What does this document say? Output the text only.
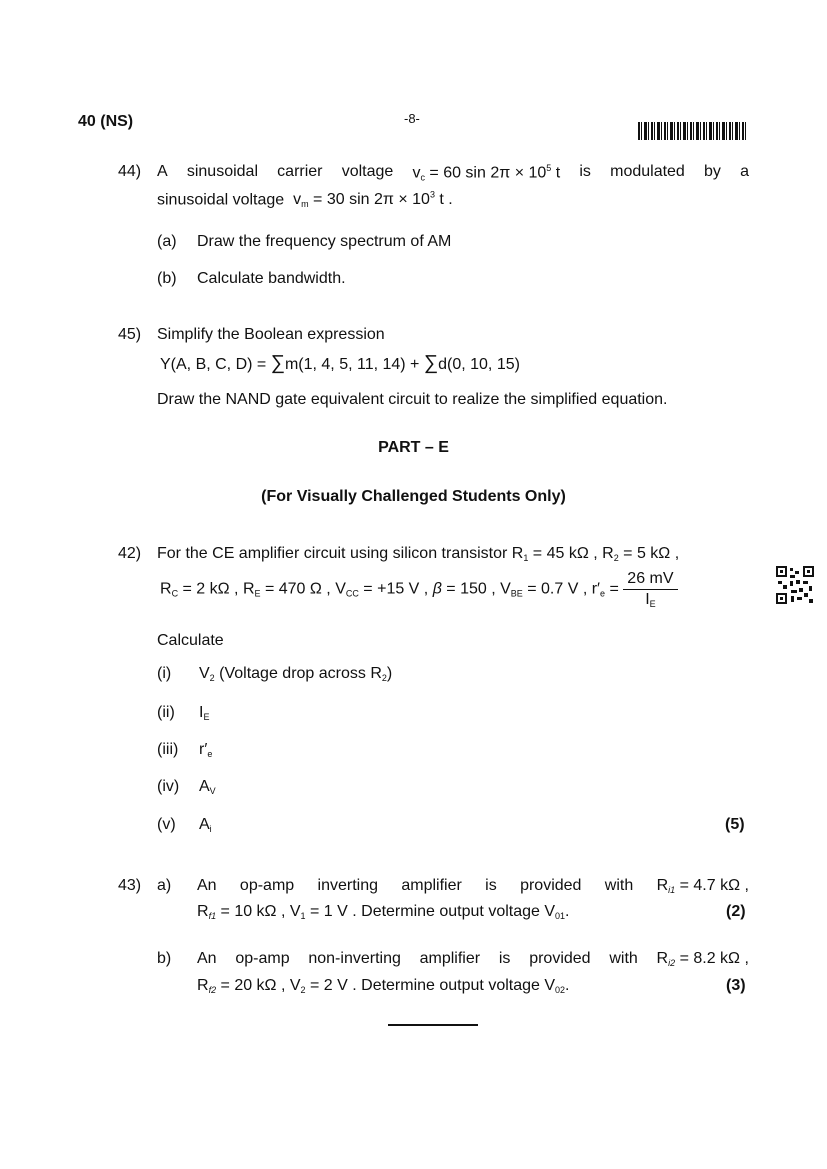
40 (NS)	-8-
44) A sinusoidal carrier voltage vc = 60 $\sin 2\pi \times 10^5$ t is modulated by a
sinusoidal voltage vm = 30 $\sin 2\pi \times 10^3$ t .
(a) Draw the frequency spectrum of AM
(b) Calculate bandwidth.
45) Simplify the Boolean expression
Y(A, B, C, D) = ∑m(1, 4, 5, 11, 14) + ∑d(0, 10, 15)
Draw the NAND gate equivalent circuit to realize the simplified equation.
PART – E
(For Visually Challenged Students Only)
42) For the CE amplifier circuit using silicon transistor R1 = 45 kΩ , R2 = 5 kΩ ,
RC = 2 kΩ , RE = 470 Ω , VCC = +15 V , β = 150 , VBE = 0.7 V , $r'e = \frac{26 mV}{IE}$
Calculate
(i) V2 (Voltage drop across R2)
(ii) IE
(iii) r′e
(iv) AV
(v) Ai	(5)
43) a) An op-amp inverting amplifier is provided with Ri1 = 4.7 kΩ ,
Rf1 = 10 kΩ , V1 = 1 V . Determine output voltage V01.	(2)
b) An op-amp non-inverting amplifier is provided with Ri2 = 8.2 kΩ ,
Rf2 = 20 kΩ , V2 = 2 V . Determine output voltage V02.	(3)
